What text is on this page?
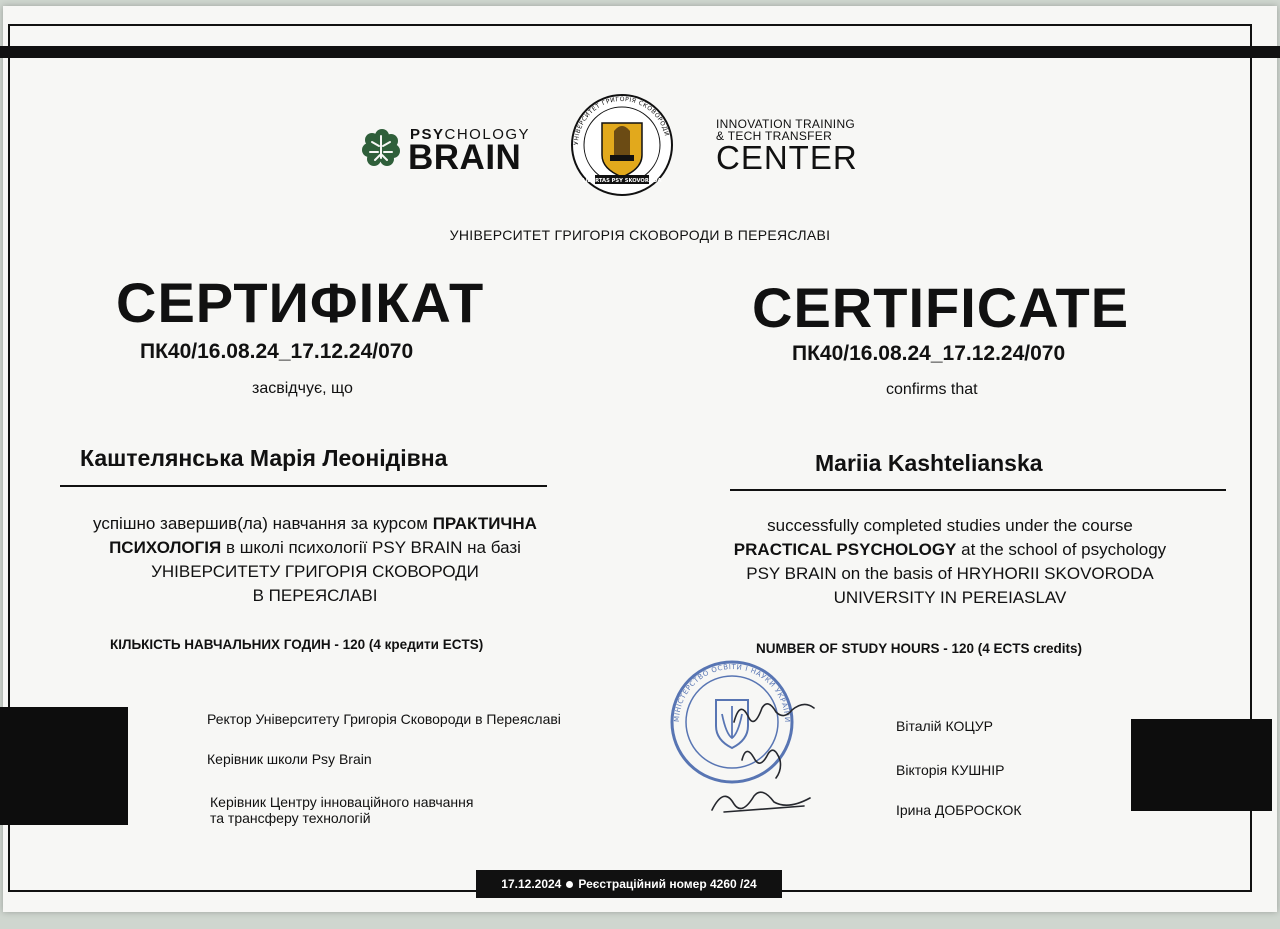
PSYCHOLOGY
BRAIN	УНІВЕРСИТЕТ ГРИГОРІЯ СКОВОРОДИ
LIBERTAS PSY SKOVORODA
INNOVATION TRAINING
& TECH TRANSFER
CENTER
УНІВЕРСИТЕТ ГРИГОРІЯ СКОВОРОДИ В ПЕРЕЯСЛАВІ
СЕРТИФІКАТ
ПК40/16.08.24_17.12.24/070
засвідчує, що
Каштелянська Марія Леонідівна
успішно завершив(ла) навчання за курсом ПРАКТИЧНА
ПСИХОЛОГІЯ в школі психології PSY BRAIN на базі
УНІВЕРСИТЕТУ ГРИГОРІЯ СКОВОРОДИ
В ПЕРЕЯСЛАВІ
КІЛЬКІСТЬ НАВЧАЛЬНИХ ГОДИН - 120 (4 кредити ECTS)
CERTIFICATE
ПК40/16.08.24_17.12.24/070
confirms that
Mariia Kashtelianska
successfully completed studies under the course
PRACTICAL PSYCHOLOGY at the school of psychology
PSY BRAIN on the basis of HRYHORII SKOVORODA
UNIVERSITY IN PEREIASLAV
NUMBER OF STUDY HOURS - 120 (4 ECTS credits)
Ректор Університету Григорія Сковороди в Переяславі
Керівник школи Psy Brain
Керівник Центру інноваційного навчання
та трансферу технологій
Віталій КОЦУР
Вікторія КУШНІР
Ірина ДОБРОСКОК
МІНІСТЕРСТВО ОСВІТИ І НАУКИ УКРАЇНИ
17.12.2024 Реєстраційний номер 4260 /24
